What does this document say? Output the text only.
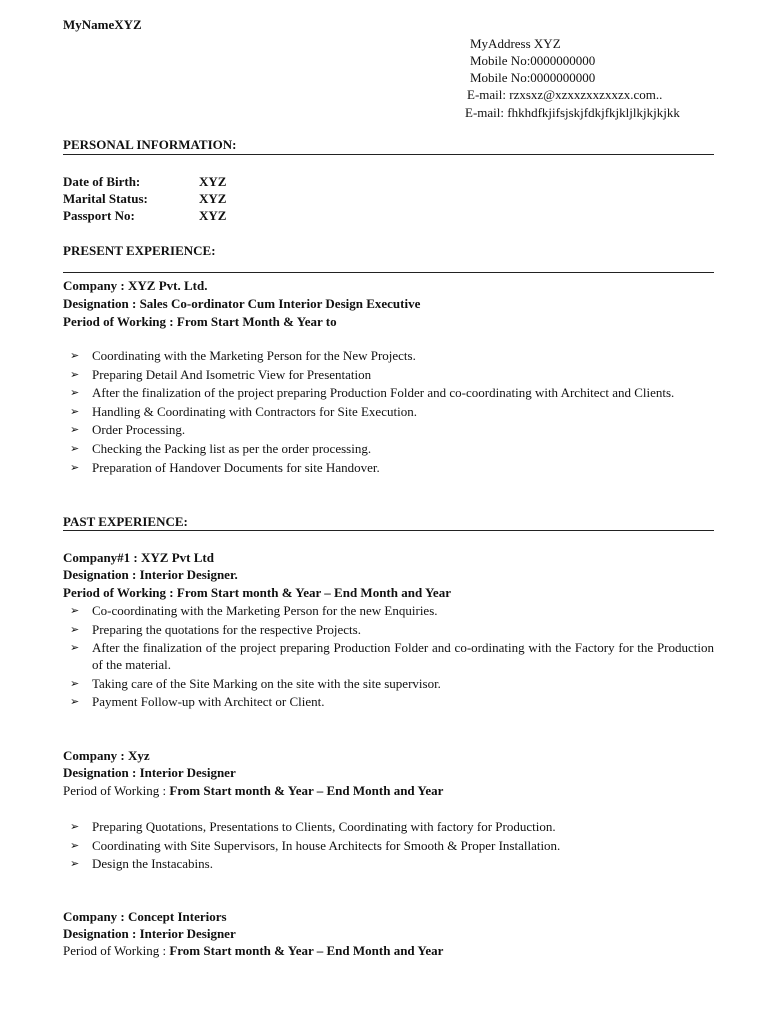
MyNameXYZ
MyAddress XYZ
Mobile No:0000000000
Mobile No:0000000000
E-mail: rzxsxz@xzxxzxxzxxzx.com..
E-mail: fhkhdfkjifsjskjfdkjfkjkljlkjkjkjkk
PERSONAL INFORMATION:
Date of Birth:	XYZ
Marital Status:	XYZ
Passport No:	XYZ
PRESENT EXPERIENCE:
Company : XYZ Pvt. Ltd.
Designation : Sales Co-ordinator Cum Interior Design Executive
Period of Working : From Start Month & Year to
➢ Coordinating with the Marketing Person for the New Projects.
➢ Preparing Detail And Isometric View for Presentation
➢ After the finalization of the project preparing Production Folder and co-coordinating with Architect and Clients.
➢ Handling & Coordinating with Contractors for Site Execution.
➢ Order Processing.
➢ Checking the Packing list as per the order processing.
➢ Preparation of Handover Documents for site Handover.
PAST EXPERIENCE:
Company#1 : XYZ Pvt Ltd
Designation : Interior Designer.
Period of Working : From Start month & Year – End Month and Year
➢ Co-coordinating with the Marketing Person for the new Enquiries.
➢ Preparing the quotations for the respective Projects.
➢ After the finalization of the project preparing Production Folder and co-ordinating with the Factory for the Production of the material.
➢ Taking care of the Site Marking on the site with the site supervisor.
➢ Payment Follow-up with Architect or Client.
Company : Xyz
Designation : Interior Designer
Period of Working : From Start month & Year – End Month and Year
➢ Preparing Quotations, Presentations to Clients, Coordinating with factory for Production.
➢ Coordinating with Site Supervisors, In house Architects for Smooth & Proper Installation.
➢ Design the Instacabins.
Company : Concept Interiors
Designation : Interior Designer
Period of Working : From Start month & Year – End Month and Year
